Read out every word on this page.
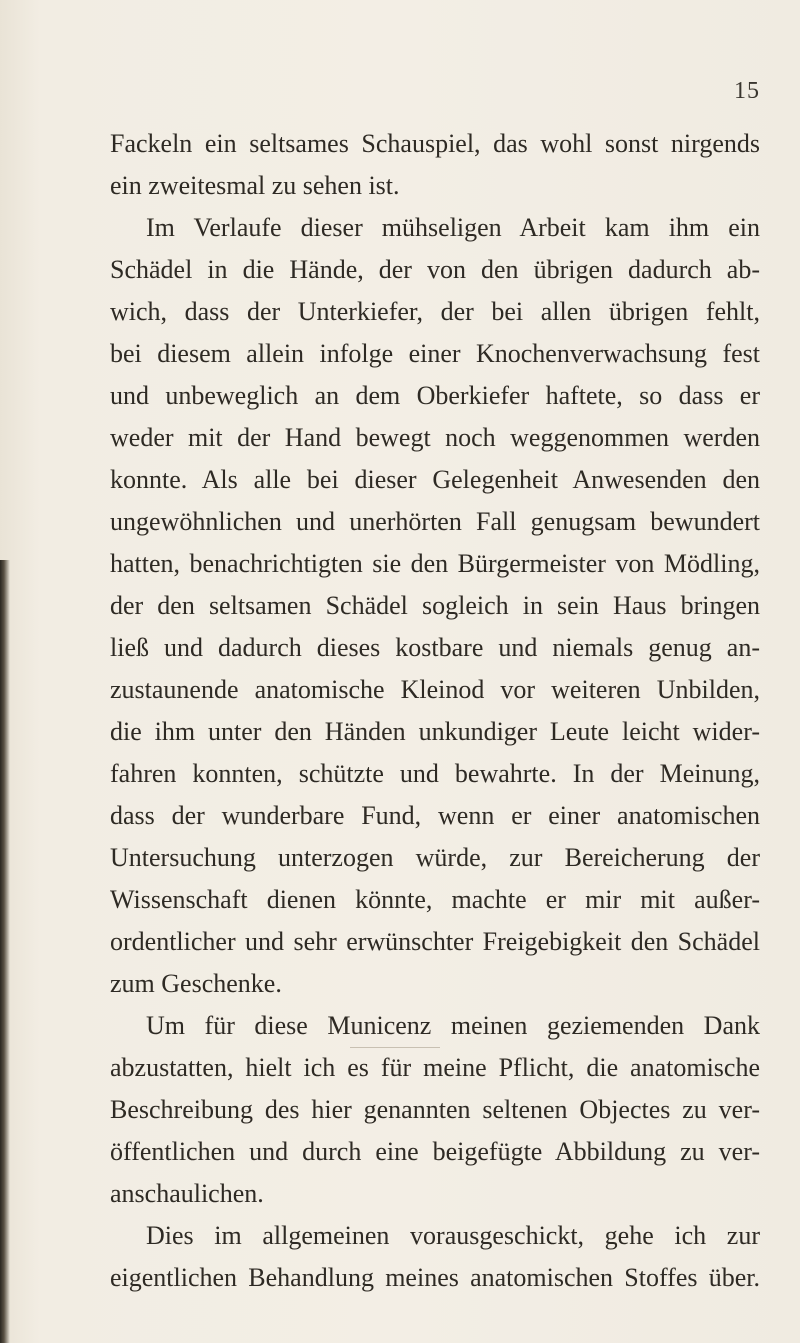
15
Fackeln ein seltsames Schauspiel, das wohl sonst nirgends
ein zweitesmal zu sehen ist.
Im Verlaufe dieser mühseligen Arbeit kam ihm ein
Schädel in die Hände, der von den übrigen dadurch ab-
wich, dass der Unterkiefer, der bei allen übrigen fehlt,
bei diesem allein infolge einer Knochenverwachsung fest
und unbeweglich an dem Oberkiefer haftete, so dass er
weder mit der Hand bewegt noch weggenommen werden
konnte. Als alle bei dieser Gelegenheit Anwesenden den
ungewöhnlichen und unerhörten Fall genugsam bewundert
hatten, benachrichtigten sie den Bürgermeister von Mödling,
der den seltsamen Schädel sogleich in sein Haus bringen
ließ und dadurch dieses kostbare und niemals genug an-
zustaunende anatomische Kleinod vor weiteren Unbilden,
die ihm unter den Händen unkundiger Leute leicht wider-
fahren konnten, schützte und bewahrte. In der Meinung,
dass der wunderbare Fund, wenn er einer anatomischen
Untersuchung unterzogen würde, zur Bereicherung der
Wissenschaft dienen könnte, machte er mir mit außer-
ordentlicher und sehr erwünschter Freigebigkeit den Schädel
zum Geschenke.
Um für diese Municenz meinen geziemenden Dank
abzustatten, hielt ich es für meine Pflicht, die anatomische
Beschreibung des hier genannten seltenen Objectes zu ver-
öffentlichen und durch eine beigefügte Abbildung zu ver-
anschaulichen.
Dies im allgemeinen vorausgeschickt, gehe ich zur
eigentlichen Behandlung meines anatomischen Stoffes über.
